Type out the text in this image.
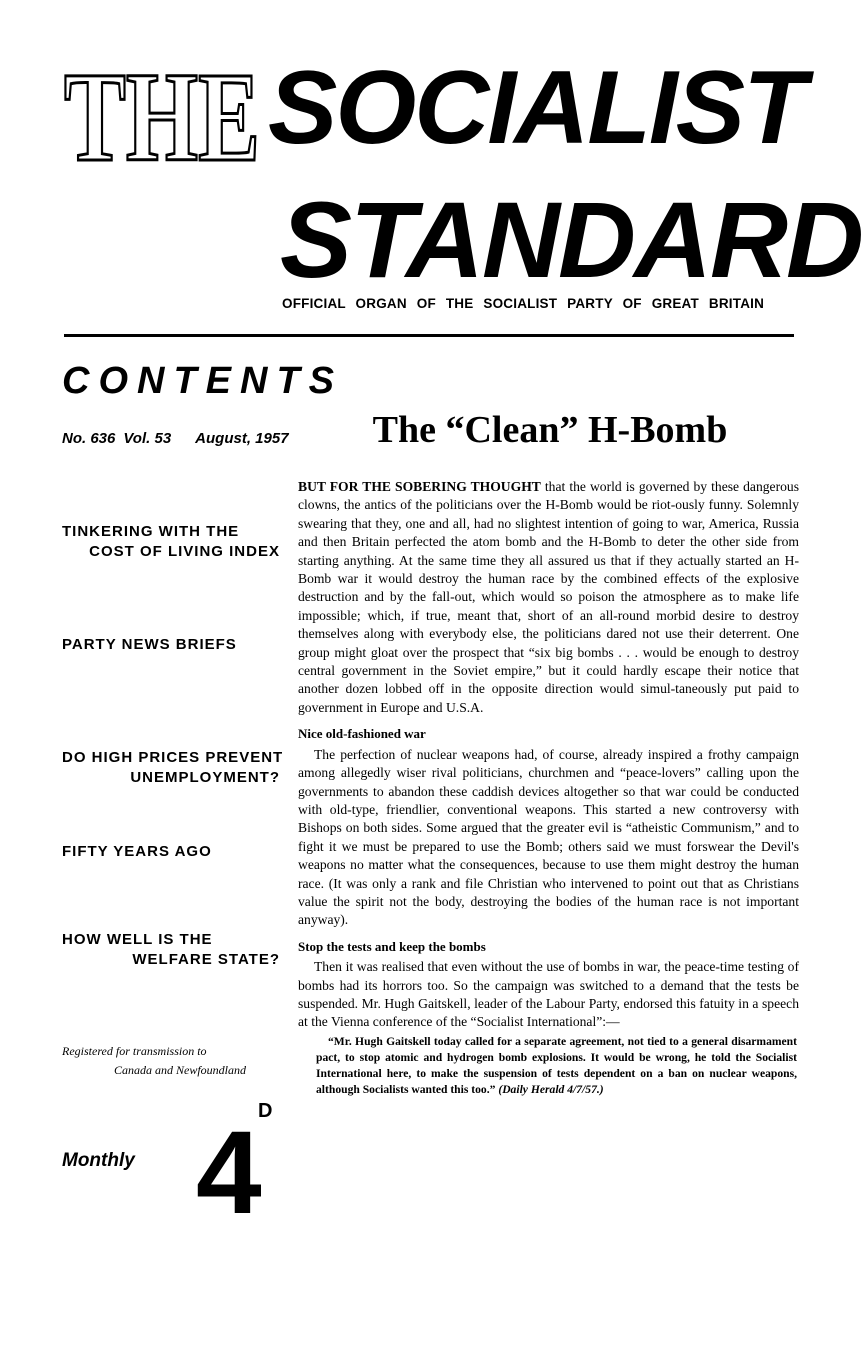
THE SOCIALIST
STANDARD
OFFICIAL ORGAN OF THE SOCIALIST PARTY OF GREAT BRITAIN
CONTENTS
No. 636 Vol. 53 August, 1957
TINKERING WITH THE
COST OF LIVING INDEX
PARTY NEWS BRIEFS
DO HIGH PRICES PREVENT
UNEMPLOYMENT?
FIFTY YEARS AGO
HOW WELL IS THE
WELFARE STATE?
Registered for transmission to
Canada and Newfoundland
D
Monthly 4
The “Clean” H-Bomb

BUT FOR THE SOBERING THOUGHT that the world is governed by these dangerous clowns, the antics of the politicians over the H-Bomb would be riot-ously funny. Solemnly swearing that they, one and all, had no slightest intention of going to war, America, Russia and then Britain perfected the atom bomb and the H-Bomb to deter the other side from starting anything. At the same time they all assured us that if they actually started an H-Bomb war it would destroy the human race by the combined effects of the explosive destruction and by the fall-out, which would so poison the atmosphere as to make life impossible; which, if true, meant that, short of an all-round morbid desire to destroy themselves along with everybody else, the politicians dared not use their deterrent. One group might gloat over the prospect that “six big bombs . . . would be enough to destroy central government in the Soviet empire,” but it could hardly escape their notice that another dozen lobbed off in the opposite direction would simul-taneously put paid to government in Europe and U.S.A.

Nice old-fashioned war

The perfection of nuclear weapons had, of course, already inspired a frothy campaign among allegedly wiser rival politicians, churchmen and “peace-lovers” calling upon the governments to abandon these caddish devices altogether so that war could be conducted with old-type, friendlier, conventional weapons. This started a new controversy with Bishops on both sides. Some argued that the greater evil is “atheistic Communism,” and to fight it we must be prepared to use the Bomb; others said we must forswear the Devil's weapons no matter what the consequences, because to use them might destroy the human race. (It was only a rank and file Christian who intervened to point out that as Christians value the spirit not the body, destroying the bodies of the human race is not important anyway).

Stop the tests and keep the bombs

Then it was realised that even without the use of bombs in war, the peace-time testing of bombs had its horrors too. So the campaign was switched to a demand that the tests be suspended. Mr. Hugh Gaitskell, leader of the Labour Party, endorsed this fatuity in a speech at the Vienna conference of the “Socialist International”:—

“Mr. Hugh Gaitskell today called for a separate agreement, not tied to a general disarmament pact, to stop atomic and hydrogen bomb explosions. It would be wrong, he told the Socialist International here, to make the suspension of tests dependent on a ban on nuclear weapons, although Socialists wanted this too.” (Daily Herald 4/7/57.)
